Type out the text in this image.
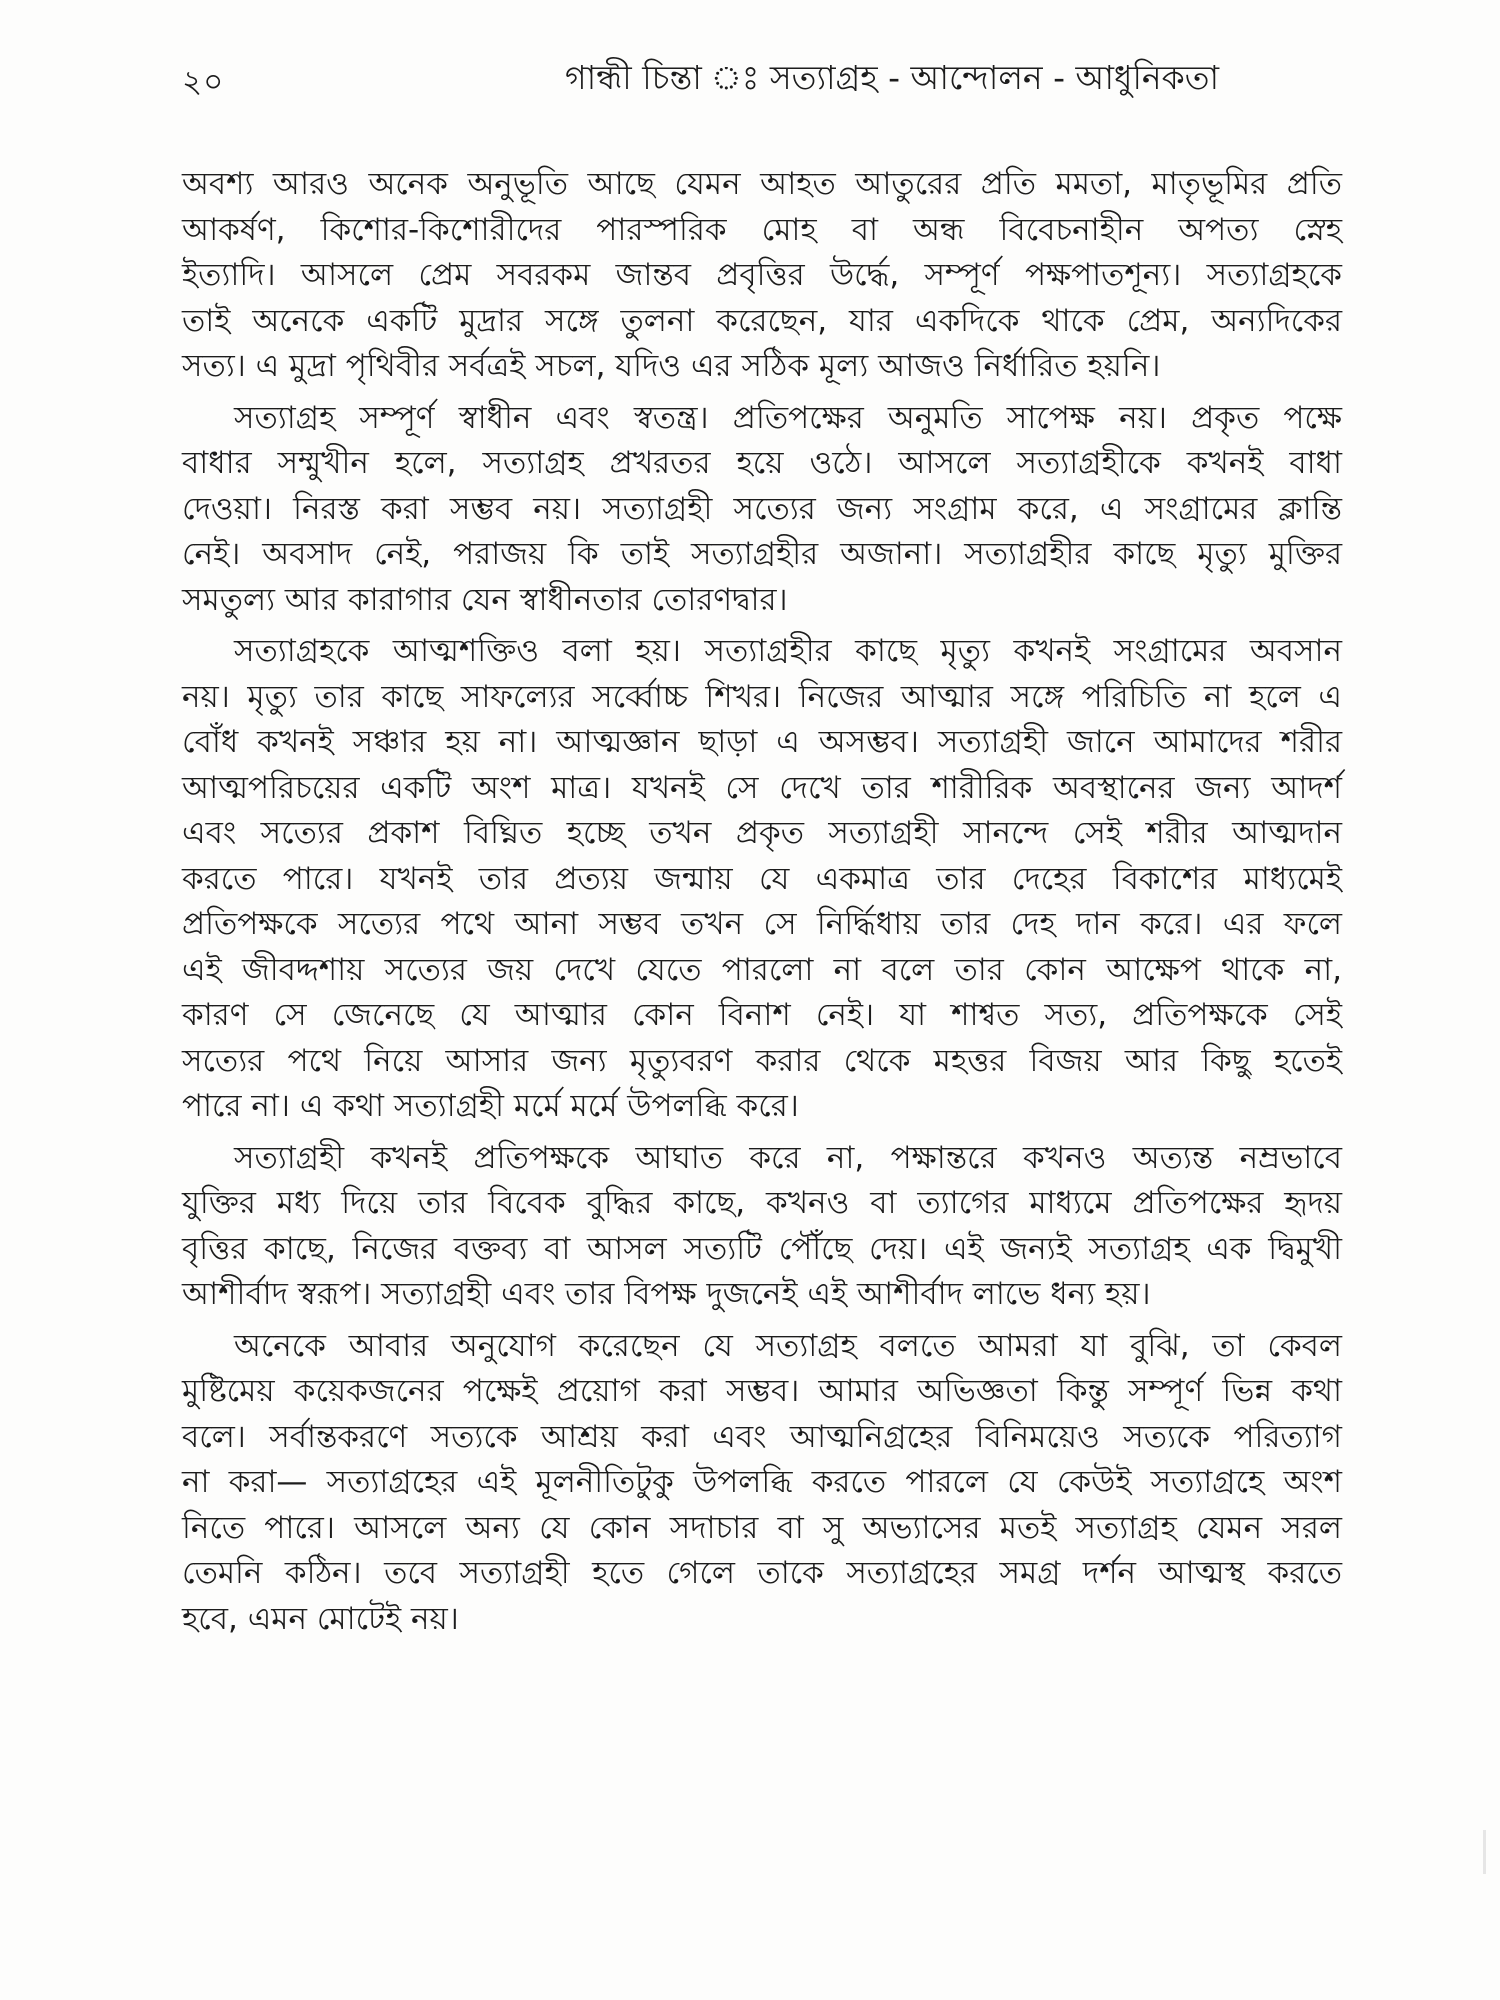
২০	গান্ধী চিন্তা ঃ সত্যাগ্রহ - আন্দোলন - আধুনিকতা
অবশ্য আরও অনেক অনুভূতি আছে যেমন আহত আতুরের প্রতি মমতা, মাতৃভূমির প্রতি
আকর্ষণ, কিশোর-কিশোরীদের পারস্পরিক মোহ বা অন্ধ বিবেচনাহীন অপত্য স্নেহ
ইত্যাদি। আসলে প্রেম সবরকম জান্তব প্রবৃত্তির উর্দ্ধে, সম্পূর্ণ পক্ষপাতশূন্য। সত্যাগ্রহকে
তাই অনেকে একটি মুদ্রার সঙ্গে তুলনা করেছেন, যার একদিকে থাকে প্রেম, অন্যদিকের
সত্য। এ মুদ্রা পৃথিবীর সর্বত্রই সচল, যদিও এর সঠিক মূল্য আজও নির্ধারিত হয়নি।
সত্যাগ্রহ সম্পূর্ণ স্বাধীন এবং স্বতন্ত্র। প্রতিপক্ষের অনুমতি সাপেক্ষ নয়। প্রকৃত পক্ষে
বাধার সম্মুখীন হলে, সত্যাগ্রহ প্রখরতর হয়ে ওঠে। আসলে সত্যাগ্রহীকে কখনই বাধা
দেওয়া। নিরস্ত করা সম্ভব নয়। সত্যাগ্রহী সত্যের জন্য সংগ্রাম করে, এ সংগ্রামের ক্লান্তি
নেই। অবসাদ নেই, পরাজয় কি তাই সত্যাগ্রহীর অজানা। সত্যাগ্রহীর কাছে মৃত্যু মুক্তির
সমতুল্য আর কারাগার যেন স্বাধীনতার তোরণদ্বার।
সত্যাগ্রহকে আত্মশক্তিও বলা হয়। সত্যাগ্রহীর কাছে মৃত্যু কখনই সংগ্রামের অবসান
নয়। মৃত্যু তার কাছে সাফল্যের সর্ব্বোচ্চ শিখর। নিজের আত্মার সঙ্গে পরিচিতি না হলে এ
বোঁধ কখনই সঞ্চার হয় না। আত্মজ্ঞান ছাড়া এ অসম্ভব। সত্যাগ্রহী জানে আমাদের শরীর
আত্মপরিচয়ের একটি অংশ মাত্র। যখনই সে দেখে তার শারীরিক অবস্থানের জন্য আদর্শ
এবং সত্যের প্রকাশ বিঘ্নিত হচ্ছে তখন প্রকৃত সত্যাগ্রহী সানন্দে সেই শরীর আত্মদান
করতে পারে। যখনই তার প্রত্যয় জন্মায় যে একমাত্র তার দেহের বিকাশের মাধ্যমেই
প্রতিপক্ষকে সত্যের পথে আনা সম্ভব তখন সে নির্দ্ধিধায় তার দেহ দান করে। এর ফলে
এই জীবদ্দশায় সত্যের জয় দেখে যেতে পারলো না বলে তার কোন আক্ষেপ থাকে না,
কারণ সে জেনেছে যে আত্মার কোন বিনাশ নেই। যা শাশ্বত সত্য, প্রতিপক্ষকে সেই
সত্যের পথে নিয়ে আসার জন্য মৃত্যুবরণ করার থেকে মহত্তর বিজয় আর কিছু হতেই
পারে না। এ কথা সত্যাগ্রহী মর্মে মর্মে উপলব্ধি করে।
সত্যাগ্রহী কখনই প্রতিপক্ষকে আঘাত করে না, পক্ষান্তরে কখনও অত্যন্ত নম্রভাবে
যুক্তির মধ্য দিয়ে তার বিবেক বুদ্ধির কাছে, কখনও বা ত্যাগের মাধ্যমে প্রতিপক্ষের হৃদয়
বৃত্তির কাছে, নিজের বক্তব্য বা আসল সত্যটি পৌঁছে দেয়। এই জন্যই সত্যাগ্রহ এক দ্বিমুখী
আশীর্বাদ স্বরূপ। সত্যাগ্রহী এবং তার বিপক্ষ দুজনেই এই আশীর্বাদ লাভে ধন্য হয়।
অনেকে আবার অনুযোগ করেছেন যে সত্যাগ্রহ বলতে আমরা যা বুঝি, তা কেবল
মুষ্টিমেয় কয়েকজনের পক্ষেই প্রয়োগ করা সম্ভব। আমার অভিজ্ঞতা কিন্তু সম্পূর্ণ ভিন্ন কথা
বলে। সর্বান্তকরণে সত্যকে আশ্রয় করা এবং আত্মনিগ্রহের বিনিময়েও সত্যকে পরিত্যাগ
না করা— সত্যাগ্রহের এই মূলনীতিটুকু উপলব্ধি করতে পারলে যে কেউই সত্যাগ্রহে অংশ
নিতে পারে। আসলে অন্য যে কোন সদাচার বা সু অভ্যাসের মতই সত্যাগ্রহ যেমন সরল
তেমনি কঠিন। তবে সত্যাগ্রহী হতে গেলে তাকে সত্যাগ্রহের সমগ্র দর্শন আত্মস্থ করতে
হবে, এমন মোটেই নয়।
